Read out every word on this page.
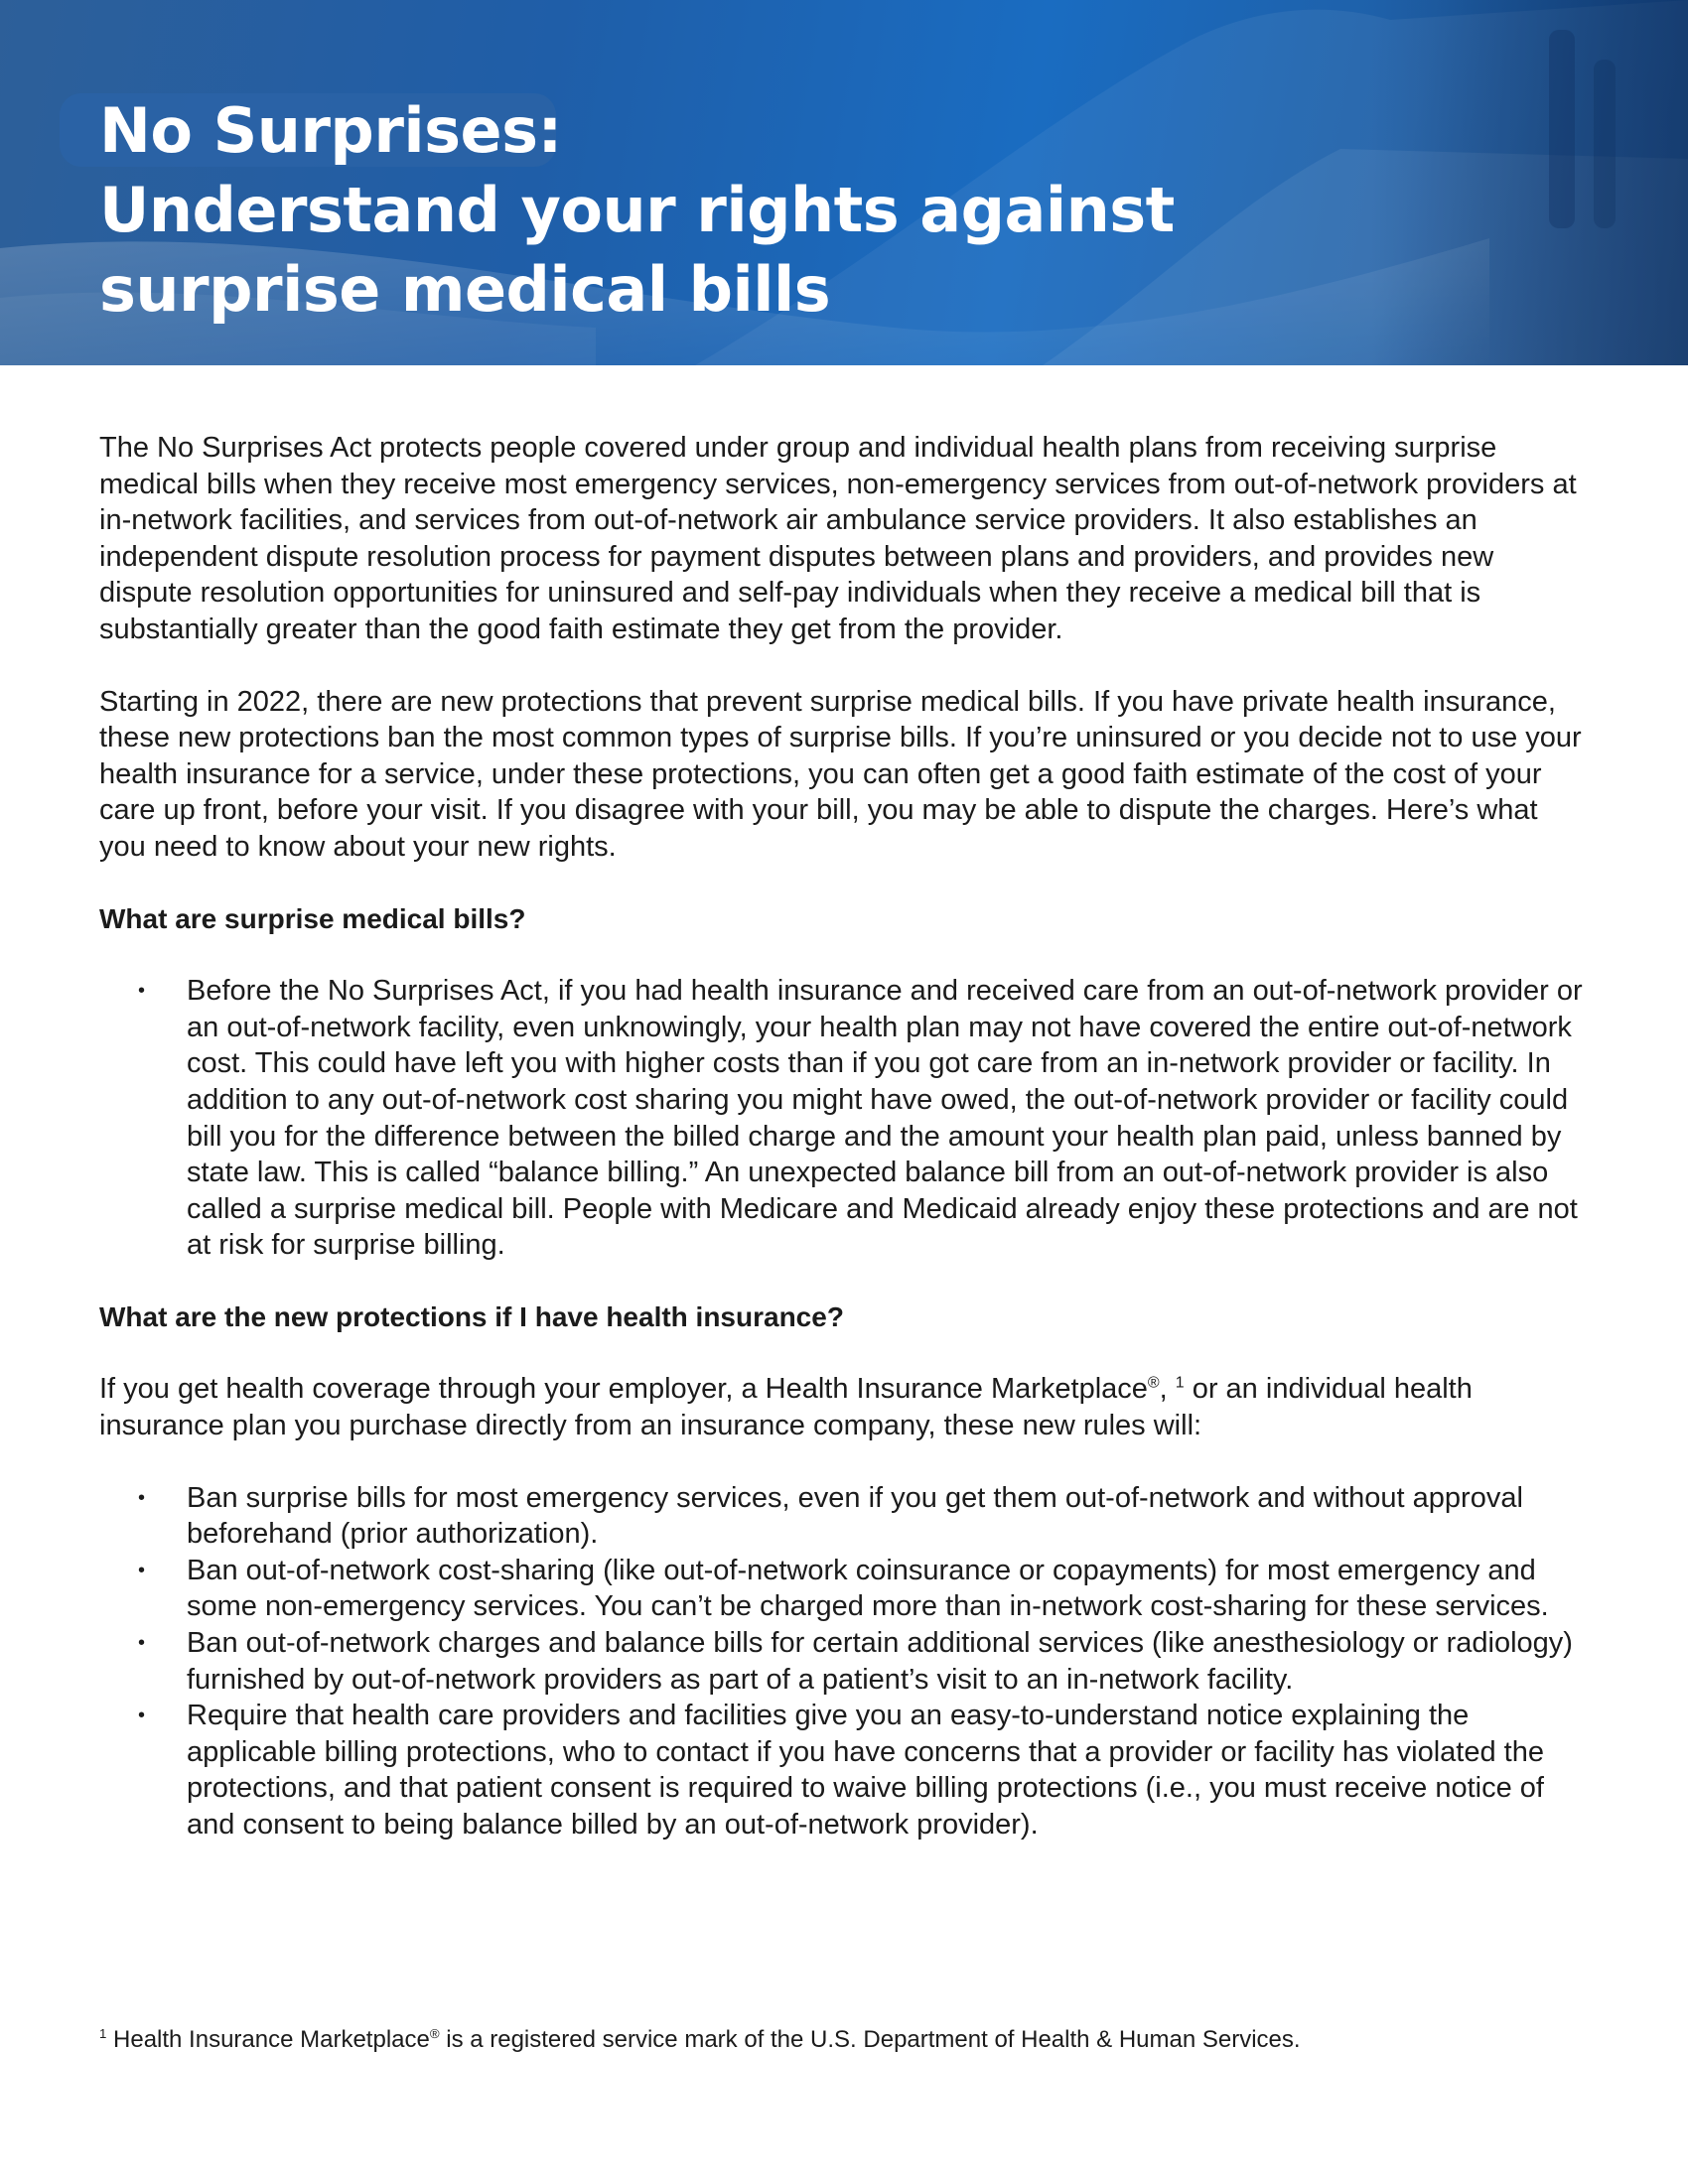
No Surprises:
Understand your rights against
surprise medical bills

The No Surprises Act protects people covered under group and individual health plans from receiving surprise medical bills when they receive most emergency services, non-emergency services from out-of-network providers at in-network facilities, and services from out-of-network air ambulance service providers. It also establishes an independent dispute resolution process for payment disputes between plans and providers, and provides new dispute resolution opportunities for uninsured and self-pay individuals when they receive a medical bill that is substantially greater than the good faith estimate they get from the provider.

Starting in 2022, there are new protections that prevent surprise medical bills. If you have private health insurance, these new protections ban the most common types of surprise bills. If you’re uninsured or you decide not to use your health insurance for a service, under these protections, you can often get a good faith estimate of the cost of your care up front, before your visit. If you disagree with your bill, you may be able to dispute the charges. Here’s what you need to know about your new rights.

What are surprise medical bills?

• Before the No Surprises Act, if you had health insurance and received care from an out-of-network provider or an out-of-network facility, even unknowingly, your health plan may not have covered the entire out-of-network cost. This could have left you with higher costs than if you got care from an in-network provider or facility. In addition to any out-of-network cost sharing you might have owed, the out-of-network provider or facility could bill you for the difference between the billed charge and the amount your health plan paid, unless banned by state law. This is called “balance billing.” An unexpected balance bill from an out-of-network provider is also called a surprise medical bill. People with Medicare and Medicaid already enjoy these protections and are not at risk for surprise billing.

What are the new protections if I have health insurance?

If you get health coverage through your employer, a Health Insurance Marketplace®, $^1$ or an individual health insurance plan you purchase directly from an insurance company, these new rules will:

• Ban surprise bills for most emergency services, even if you get them out-of-network and without approval beforehand (prior authorization).
• Ban out-of-network cost-sharing (like out-of-network coinsurance or copayments) for most emergency and some non-emergency services. You can’t be charged more than in-network cost-sharing for these services.
• Ban out-of-network charges and balance bills for certain additional services (like anesthesiology or radiology) furnished by out-of-network providers as part of a patient’s visit to an in-network facility.
• Require that health care providers and facilities give you an easy-to-understand notice explaining the applicable billing protections, who to contact if you have concerns that a provider or facility has violated the protections, and that patient consent is required to waive billing protections (i.e., you must receive notice of and consent to being balance billed by an out-of-network provider).
$^1$ Health Insurance Marketplace® is a registered service mark of the U.S. Department of Health & Human Services.
